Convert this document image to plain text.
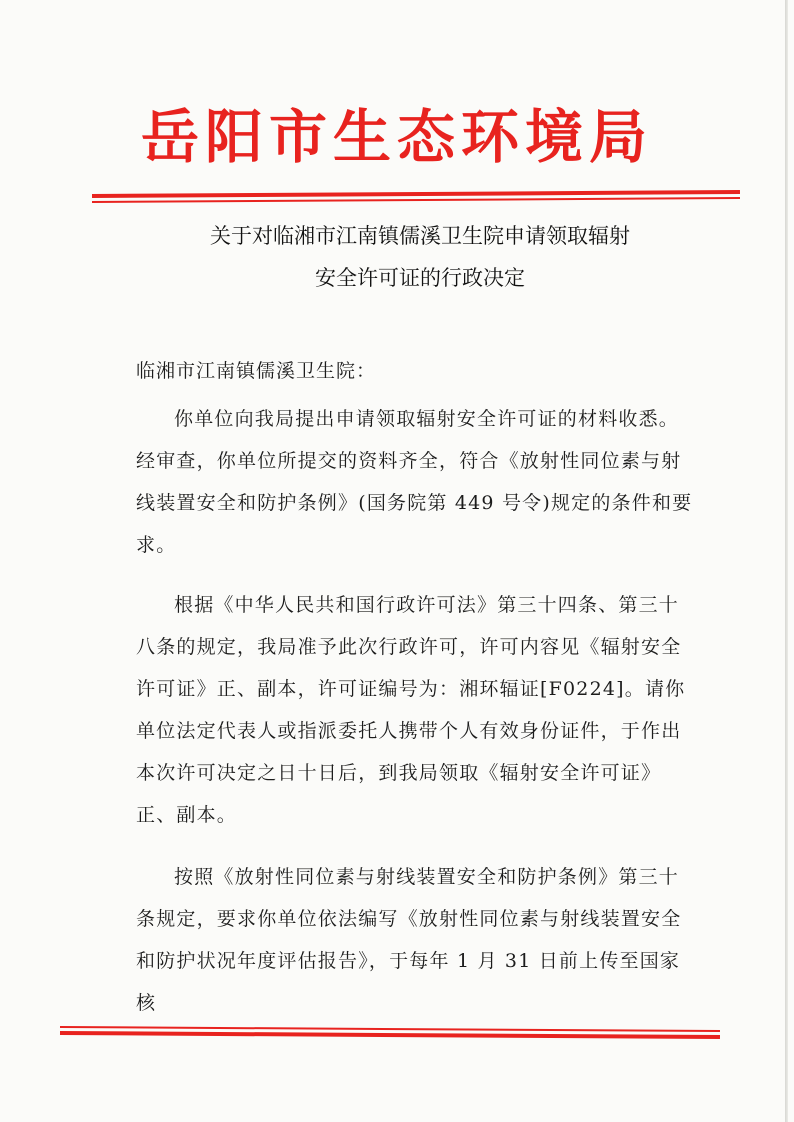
岳阳市生态环境局
关于对临湘市江南镇儒溪卫生院申请领取辐射
安全许可证的行政决定
临湘市江南镇儒溪卫生院：

你单位向我局提出申请领取辐射安全许可证的材料收悉。经审查，你单位所提交的资料齐全，符合《放射性同位素与射线装置安全和防护条例》(国务院第 449 号令)规定的条件和要求。

根据《中华人民共和国行政许可法》第三十四条、第三十八条的规定，我局准予此次行政许可，许可内容见《辐射安全许可证》正、副本，许可证编号为：湘环辐证[F0224]。请你单位法定代表人或指派委托人携带个人有效身份证件，于作出本次许可决定之日十日后，到我局领取《辐射安全许可证》正、副本。

按照《放射性同位素与射线装置安全和防护条例》第三十条规定，要求你单位依法编写《放射性同位素与射线装置安全和防护状况年度评估报告》，于每年 1 月 31 日前上传至国家核
